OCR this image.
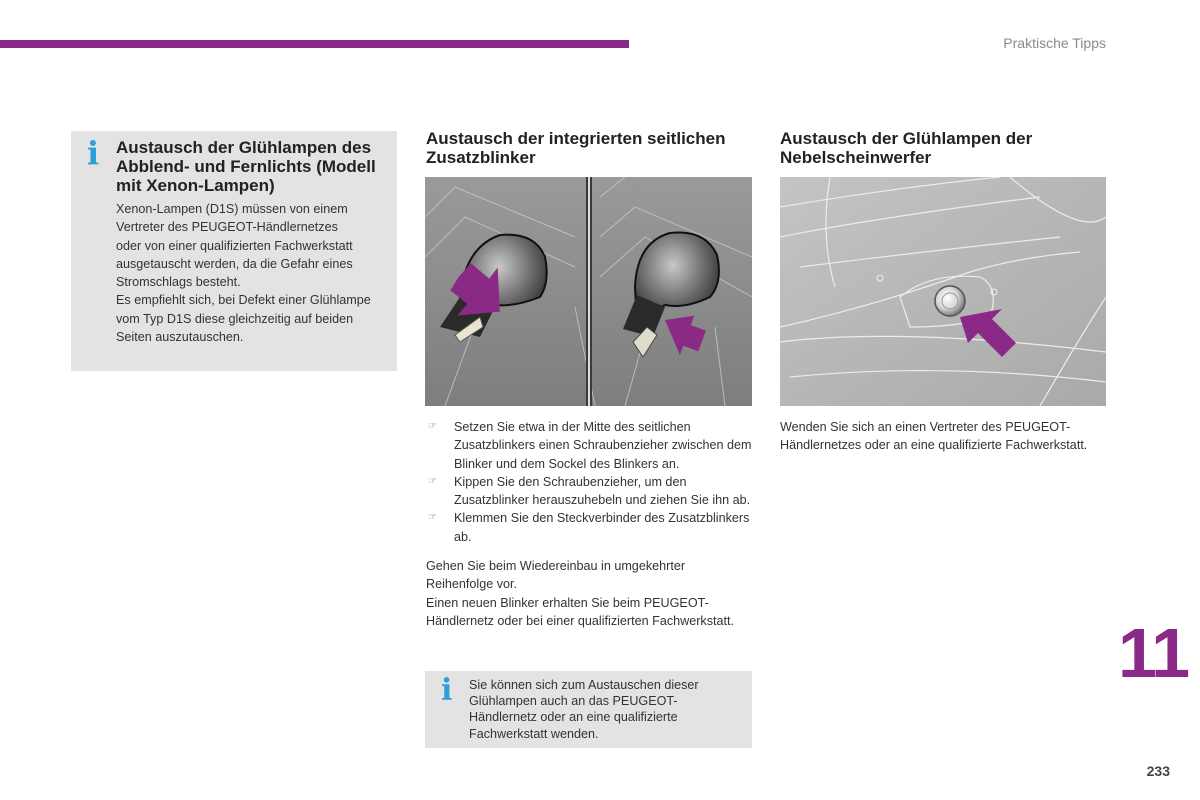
Praktische Tipps
i Austausch der Glühlampen des Abblend- und Fernlichts (Modell mit Xenon-Lampen)
Xenon-Lampen (D1S) müssen von einem
Vertreter des PEUGEOT-Händlernetzes
oder von einer qualifizierten Fachwerkstatt
ausgetauscht werden, da die Gefahr eines
Stromschlags besteht.
Es empfiehlt sich, bei Defekt einer Glühlampe
vom Typ D1S diese gleichzeitig auf beiden
Seiten auszutauschen.
Austausch der integrierten seitlichen Zusatzblinker
☞ Setzen Sie etwa in der Mitte des seitlichen Zusatzblinkers einen Schraubenzieher zwischen dem Blinker und dem Sockel des Blinkers an.
☞ Kippen Sie den Schraubenzieher, um den Zusatzblinker herauszuhebeln und ziehen Sie ihn ab.
☞ Klemmen Sie den Steckverbinder des Zusatzblinkers ab.
Gehen Sie beim Wiedereinbau in umgekehrter Reihenfolge vor.
Einen neuen Blinker erhalten Sie beim PEUGEOT-Händlernetz oder bei einer qualifizierten Fachwerkstatt.
i Sie können sich zum Austauschen dieser Glühlampen auch an das PEUGEOT-Händlernetz oder an eine qualifizierte Fachwerkstatt wenden.
Austausch der Glühlampen der Nebelscheinwerfer
Wenden Sie sich an einen Vertreter des PEUGEOT-Händlernetzes oder an eine qualifizierte Fachwerkstatt.
11
233
